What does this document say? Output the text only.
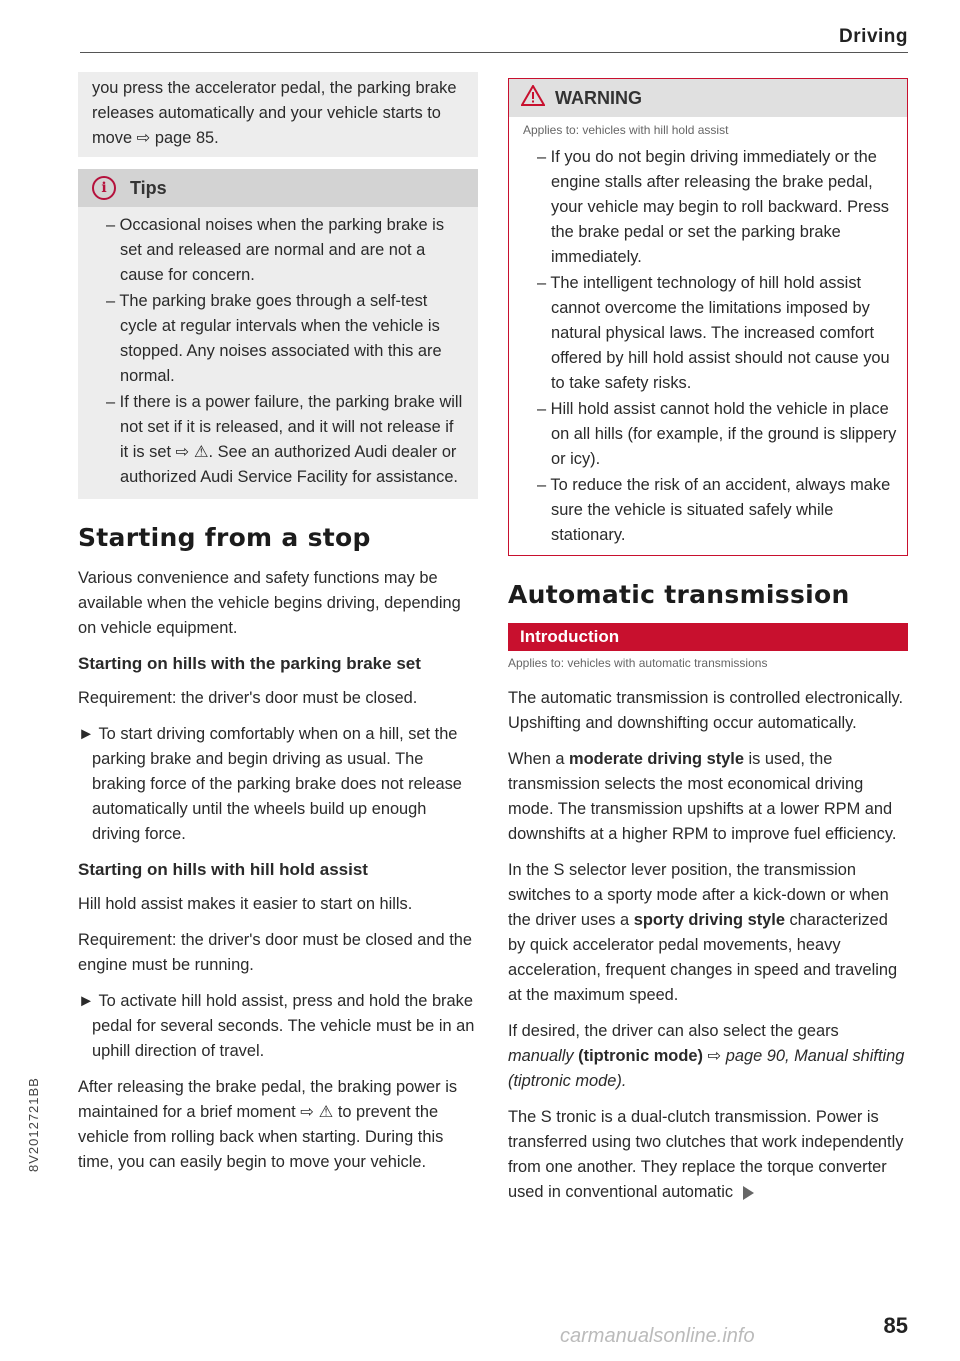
Driving

you press the accelerator pedal, the parking brake releases automatically and your vehicle starts to move ⇨ page 85.

i	Tips

– Occasional noises when the parking brake is set and released are normal and are not a cause for concern.

– The parking brake goes through a self-test cycle at regular intervals when the vehicle is stopped. Any noises associated with this are normal.

– If there is a power failure, the parking brake will not set if it is released, and it will not release if it is set ⇨ ⚠. See an authorized Audi dealer or authorized Audi Service Facility for assistance.

Starting from a stop

Various convenience and safety functions may be available when the vehicle begins driving, depending on vehicle equipment.

Starting on hills with the parking brake set

Requirement: the driver's door must be closed.

► To start driving comfortably when on a hill, set the parking brake and begin driving as usual. The braking force of the parking brake does not release automatically until the wheels build up enough driving force.

Starting on hills with hill hold assist

Hill hold assist makes it easier to start on hills.

Requirement: the driver's door must be closed and the engine must be running.

► To activate hill hold assist, press and hold the brake pedal for several seconds. The vehicle must be in an uphill direction of travel.

After releasing the brake pedal, the braking power is maintained for a brief moment ⇨ ⚠ to prevent the vehicle from rolling back when starting. During this time, you can easily begin to move your vehicle.

WARNING

Applies to: vehicles with hill hold assist

– If you do not begin driving immediately or the engine stalls after releasing the brake pedal, your vehicle may begin to roll backward. Press the brake pedal or set the parking brake immediately.

– The intelligent technology of hill hold assist cannot overcome the limitations imposed by natural physical laws. The increased comfort offered by hill hold assist should not cause you to take safety risks.

– Hill hold assist cannot hold the vehicle in place on all hills (for example, if the ground is slippery or icy).

– To reduce the risk of an accident, always make sure the vehicle is situated safely while stationary.

Automatic transmission
Introduction

Applies to: vehicles with automatic transmissions

The automatic transmission is controlled electronically. Upshifting and downshifting occur automatically.

When a moderate driving style is used, the transmission selects the most economical driving mode. The transmission upshifts at a lower RPM and downshifts at a higher RPM to improve fuel efficiency.

In the S selector lever position, the transmission switches to a sporty mode after a kick-down or when the driver uses a sporty driving style characterized by quick accelerator pedal movements, heavy acceleration, frequent changes in speed and traveling at the maximum speed.

If desired, the driver can also select the gears manually (tiptronic mode) ⇨ page 90, Manual shifting (tiptronic mode).

The S tronic is a dual-clutch transmission. Power is transferred using two clutches that work independently from one another. They replace the torque converter used in conventional automatic

8V2012721BB
85
carmanualsonline.info
